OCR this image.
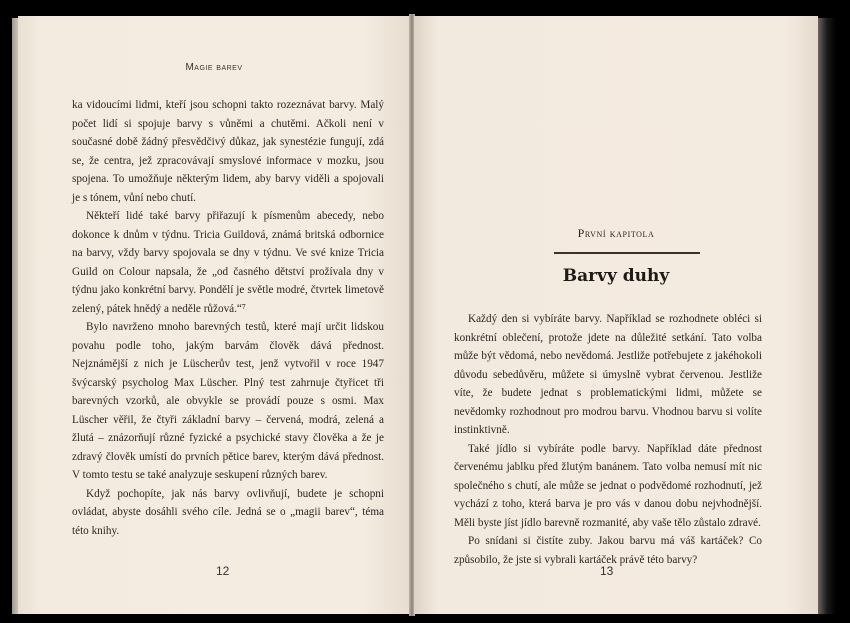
Magie barev

ka vidoucími lidmi, kteří jsou schopni takto rozeznávat barvy. Malý počet lidí si spojuje barvy s vůněmi a chutěmi. Ačkoli není v současné době žádný přesvědčivý důkaz, jak synestézie fungují, zdá se, že centra, jež zpracovávají smyslové informace v mozku, jsou spojena. To umožňuje některým lidem, aby barvy viděli a spojovali je s tónem, vůní nebo chutí.

Někteří lidé také barvy přiřazují k písmenům abecedy, nebo dokonce k dnům v týdnu. Tricia Guildová, známá britská odbornice na barvy, vždy barvy spojovala se dny v týdnu. Ve své knize Tricia Guild on Colour napsala, že „od časného dětství prožívala dny v týdnu jako konkrétní barvy. Pondělí je světle modré, čtvrtek limetově zelený, pátek hnědý a neděle růžová.“⁷

Bylo navrženo mnoho barevných testů, které mají určit lidskou povahu podle toho, jakým barvám člověk dává přednost. Nejznámější z nich je Lüscherův test, jenž vytvořil v roce 1947 švýcarský psycholog Max Lüscher. Plný test zahrnuje čtyřicet tři barevných vzorků, ale obvykle se provádí pouze s osmi. Max Lüscher věřil, že čtyři základní barvy – červená, modrá, zelená a žlutá – znázorňují různé fyzické a psychické stavy člověka a že je zdravý člověk umístí do prvních pětice barev, kterým dává přednost. V tomto testu se také analyzuje seskupení různých barev.

Když pochopíte, jak nás barvy ovlivňují, budete je schopni ovládat, abyste dosáhli svého cíle. Jedná se o „magii barev“, téma této knihy.

12
První kapitola
Barvy duhy

Každý den si vybíráte barvy. Například se rozhodnete obléci si konkrétní oblečení, protože jdete na důležité setkání. Tato volba může být vědomá, nebo nevědomá. Jestliže potřebujete z jakéhokoli důvodu sebedůvěru, můžete si úmyslně vybrat červenou. Jestliže víte, že budete jednat s problematickými lidmi, můžete se nevědomky rozhodnout pro modrou barvu. Vhodnou barvu si volíte instinktivně.

Také jídlo si vybíráte podle barvy. Například dáte přednost červenému jablku před žlutým banánem. Tato volba nemusí mít nic společného s chutí, ale může se jednat o podvědomé rozhodnutí, jež vychází z toho, která barva je pro vás v danou dobu nejvhodnější. Měli byste jíst jídlo barevně rozmanité, aby vaše tělo zůstalo zdravé.

Po snídani si čistíte zuby. Jakou barvu má váš kartáček? Co způsobilo, že jste si vybrali kartáček právě této barvy?

13
